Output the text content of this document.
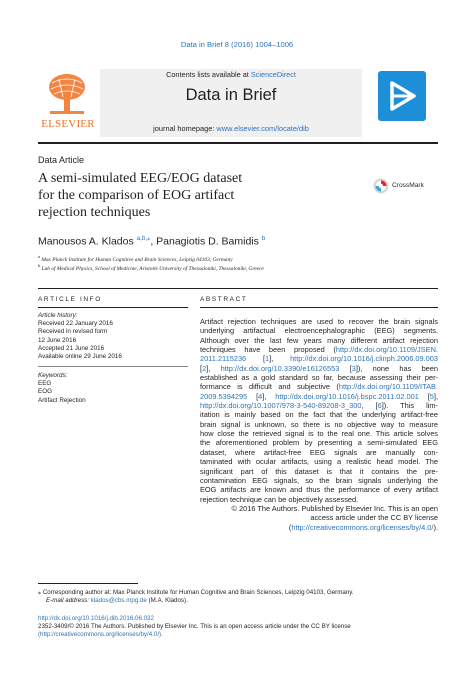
Data in Brief 8 (2016) 1004–1006
ELSEVIER
Contents lists available at ScienceDirect
Data in Brief
journal homepage: www.elsevier.com/locate/dib
Data Article
A semi-simulated EEG/EOG dataset
for the comparison of EOG artifact
rejection techniques
CrossMark
Manousos A. Klados $^{a,b,⁎}$, Panagiotis D. Bamidis $^b$
$^a$ Max Planck Institute for Human Cognitive and Brain Sciences, Leipzig 04103, Germany
$^b$ Lab of Medical Physics, School of Medicine, Aristotle University of Thessaloniki, Thessaloniki, Greece
ARTICLE INFO	ABSTRACT
Article history:
Received 22 January 2016
Received in revised form
12 June 2016
Accepted 21 June 2016
Available online 29 June 2016
Keywords:
EEG
EOG
Artifact Rejection
Artifact rejection techniques are used to recover the brain signals
underlying artifactual electroencephalographic (EEG) segments.
Although over the last few years many different artifact rejection
techniques have been proposed (http://dx.doi.org/10.1109/JSEN.
2011.2115236 [1], http://dx.doi.org/10.1016/j.clinph.2006.09.003
[2], http://dx.doi.org/10.3390/e16126553 [3]), none has been
established as a gold standard so far, because assessing their per-
formance is difficult and subjective (http://dx.doi.org/10.1109/ITAB.
2009.5394295 [4], http://dx.doi.org/10.1016/j.bspc.2011.02.001 [5],
http://dx.doi.org/10.1007/978-3-540-89208-3_300, [6]). This lim-
itation is mainly based on the fact that the underlying artifact-free
brain signal is unknown, so there is no objective way to measure
how close the retrieved signal is to the real one. This article solves
the aforementioned problem by presenting a semi-simulated EEG
dataset, where artifact-free EEG signals are manually con-
taminated with ocular artifacts, using a realistic head model. The
significant part of this dataset is that it contains the pre-
contamination EEG signals, so the brain signals underlying the
EOG artifacts are known and thus the performance of every artifact
rejection technique can be objectively assessed.
© 2016 The Authors. Published by Elsevier Inc. This is an open
access article under the CC BY license
(http://creativecommons.org/licenses/by/4.0/).
⁎ Corresponding author at: Max Planck Institute for Human Cognitive and Brain Sciences, Leipzig 04103, Germany.
E-mail address: klados@cbs.mpg.de (M.A. Klados).
http://dx.doi.org/10.1016/j.dib.2016.06.032
2352-3409/© 2016 The Authors. Published by Elsevier Inc. This is an open access article under the CC BY license
(http://creativecommons.org/licenses/by/4.0/).
